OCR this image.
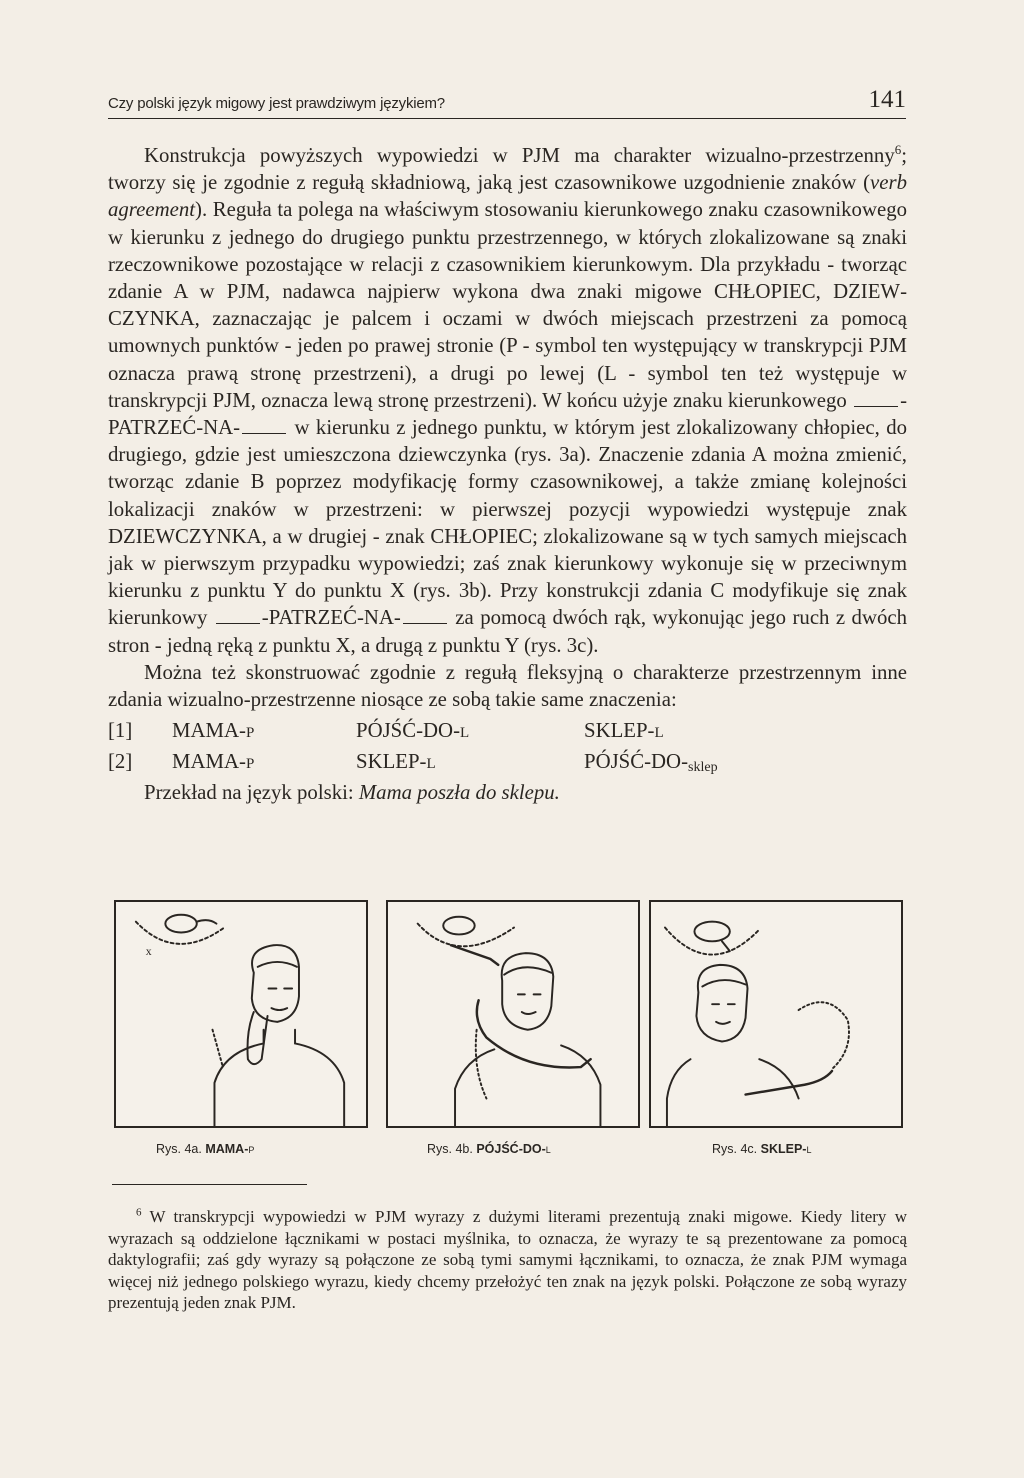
Czy polski język migowy jest prawdziwym językiem?	141

Konstrukcja powyższych wypowiedzi w PJM ma charakter wizualno-przestrzenny$^6$; tworzy się je zgodnie z regułą składniową, jaką jest czasownikowe uzgodnienie znaków (verb agreement). Reguła ta polega na właściwym stosowaniu kierunkowego znaku czasownikowego w kierunku z jednego do drugiego punktu przestrzennego, w których zlokalizowane są znaki rzeczownikowe pozostające w relacji z czasownikiem kierunkowym. Dla przykładu - tworząc zdanie A w PJM, nadawca najpierw wykona dwa znaki migowe CHŁOPIEC, DZIEWCZYNKA, zaznaczając je palcem i oczami w dwóch miejscach przestrzeni za pomocą umownych punktów - jeden po prawej stronie (P - symbol ten występujący w transkrypcji PJM oznacza prawą stronę przestrzeni), a drugi po lewej (L - symbol ten też występuje w transkrypcji PJM, oznacza lewą stronę przestrzeni). W końcu użyje znaku kierunkowego	-PATRZEĆ-NA-	w kierunku z jednego punktu, w którym jest zlokalizowany chłopiec, do drugiego, gdzie jest umieszczona dziewczynka (rys. 3a). Znaczenie zdania A można zmienić, tworząc zdanie B poprzez modyfikację formy czasownikowej, a także zmianę kolejności lokalizacji znaków w przestrzeni: w pierwszej pozycji wypowiedzi występuje znak DZIEWCZYNKA, a w drugiej - znak CHŁOPIEC; zlokalizowane są w tych samych miejscach jak w pierwszym przypadku wypowiedzi; zaś znak kierunkowy wykonuje się w przeciwnym kierunku z punktu Y do punktu X (rys. 3b). Przy konstrukcji zdania C modyfikuje się znak kierunkowy	-PATRZEĆ-NA-	za pomocą dwóch rąk, wykonując jego ruch z dwóch stron - jedną ręką z punktu X, a drugą z punktu Y (rys. 3c).

Można też skonstruować zgodnie z regułą fleksyjną o charakterze przestrzennym inne zdania wizualno-przestrzenne niosące ze sobą takie same znaczenia:

[1] MAMA-p	PÓJŚĆ-DO-l	SKLEP-l
[2] MAMA-p	SKLEP-l	PÓJŚĆ-$DO-_{sklep}$

Przekład na język polski: Mama poszła do sklepu.

x
Rys. 4a. MAMA-p	Rys. 4b. PÓJŚĆ-DO-l	Rys. 4c. SKLEP-l

$^6$ W transkrypcji wypowiedzi w PJM wyrazy z dużymi literami prezentują znaki migowe. Kiedy litery w wyrazach są oddzielone łącznikami w postaci myślnika, to oznacza, że wyrazy te są prezentowane za pomocą daktylografii; zaś gdy wyrazy są połączone ze sobą tymi samymi łącznikami, to oznacza, że znak PJM wymaga więcej niż jednego polskiego wyrazu, kiedy chcemy przełożyć ten znak na język polski. Połączone ze sobą wyrazy prezentują jeden znak PJM.
